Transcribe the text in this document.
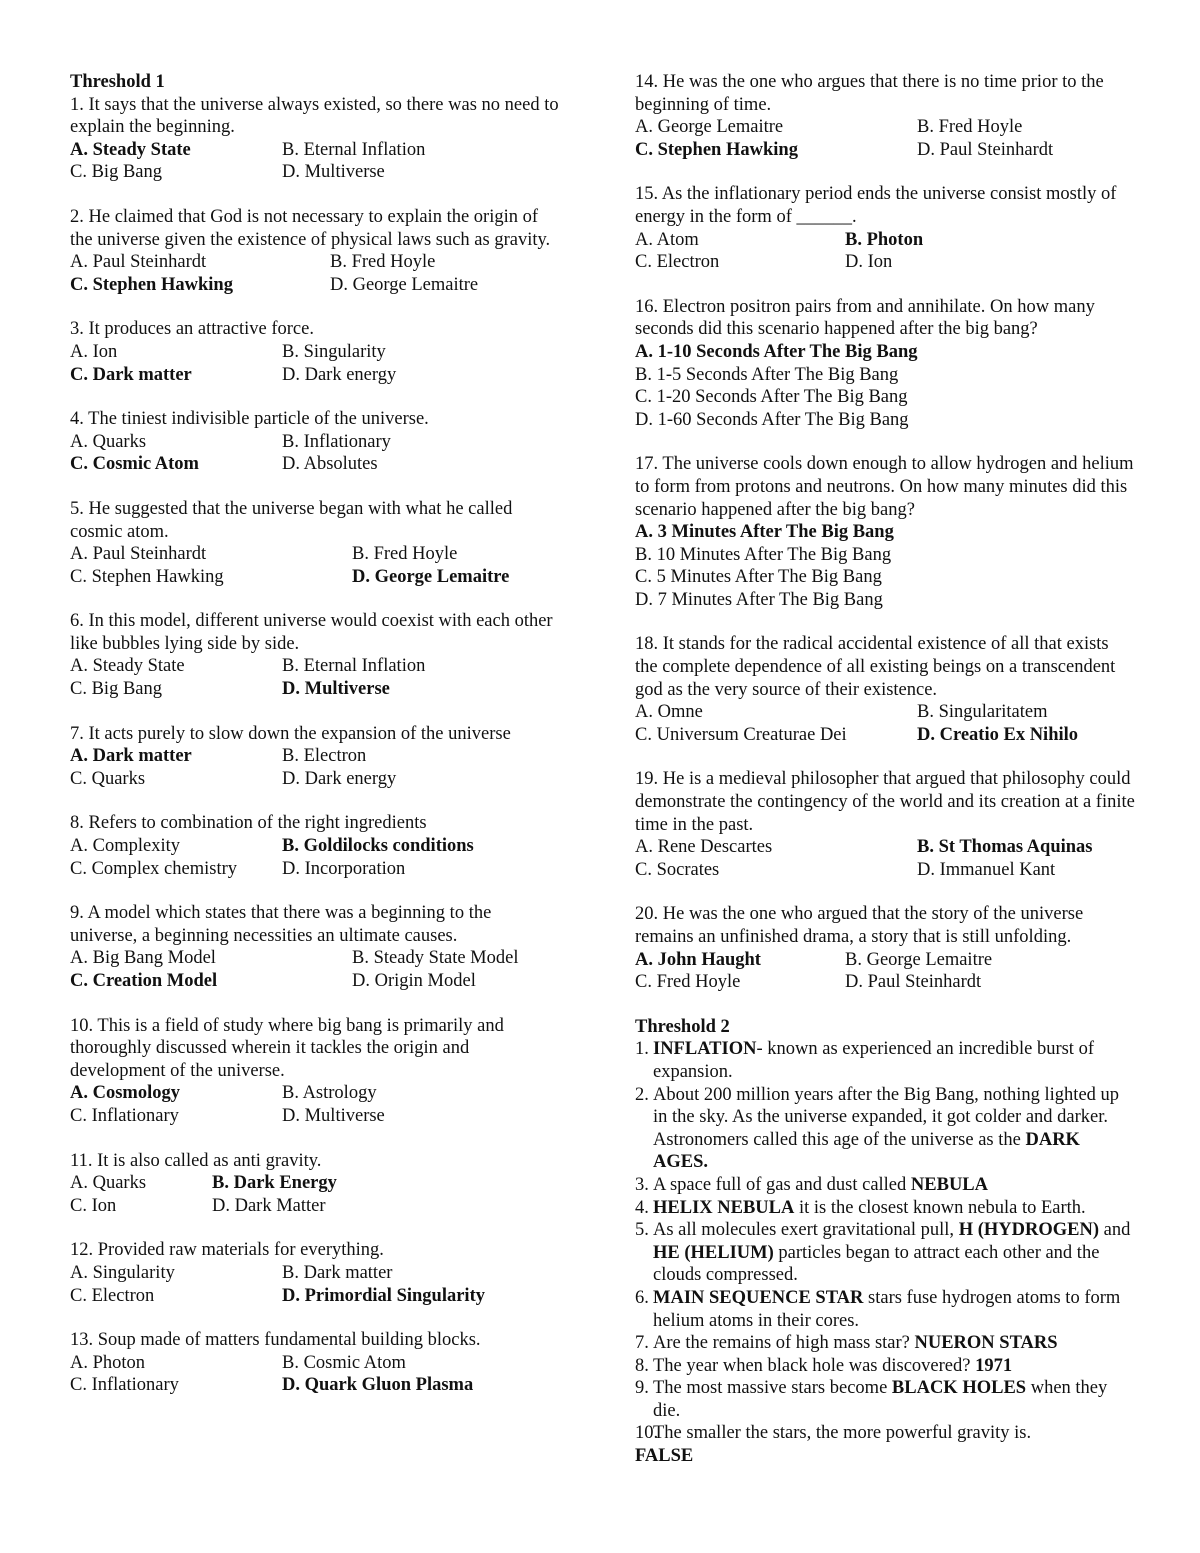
Threshold 1
1. It says that the universe always existed, so there was no need to explain the beginning.
A. Steady State	B. Eternal Inflation
C. Big Bang	D. Multiverse
2. He claimed that God is not necessary to explain the origin of the universe given the existence of physical laws such as gravity.
A. Paul Steinhardt	B. Fred Hoyle
C. Stephen Hawking	D. George Lemaitre
3. It produces an attractive force.
A. Ion	B. Singularity
C. Dark matter	D. Dark energy
4. The tiniest indivisible particle of the universe.
A. Quarks	B. Inflationary
C. Cosmic Atom	D. Absolutes
5. He suggested that the universe began with what he called cosmic atom.
A. Paul Steinhardt	B. Fred Hoyle
C. Stephen Hawking	D. George Lemaitre
6. In this model, different universe would coexist with each other like bubbles lying side by side.
A. Steady State	B. Eternal Inflation
C. Big Bang	D. Multiverse
7. It acts purely to slow down the expansion of the universe
A. Dark matter	B. Electron
C. Quarks	D. Dark energy
8. Refers to combination of the right ingredients
A. Complexity	B. Goldilocks conditions
C. Complex chemistry	D. Incorporation
9. A model which states that there was a beginning to the universe, a beginning necessities an ultimate causes.
A. Big Bang Model	B. Steady State Model
C. Creation Model	D. Origin Model
10. This is a field of study where big bang is primarily and thoroughly discussed wherein it tackles the origin and development of the universe.
A. Cosmology	B. Astrology
C. Inflationary	D. Multiverse
11. It is also called as anti gravity.
A. Quarks	B. Dark Energy
C. Ion	D. Dark Matter
12. Provided raw materials for everything.
A. Singularity	B. Dark matter
C. Electron	D. Primordial Singularity
13. Soup made of matters fundamental building blocks.
A. Photon	B. Cosmic Atom
C. Inflationary	D. Quark Gluon Plasma
14. He was the one who argues that there is no time prior to the beginning of time.
A. George Lemaitre	B. Fred Hoyle
C. Stephen Hawking	D. Paul Steinhardt
15. As the inflationary period ends the universe consist mostly of energy in the form of ______.
A. Atom	B. Photon
C. Electron	D. Ion
16. Electron positron pairs from and annihilate. On how many seconds did this scenario happened after the big bang?
A. 1-10 Seconds After The Big Bang
B. 1-5 Seconds After The Big Bang
C. 1-20 Seconds After The Big Bang
D. 1-60 Seconds After The Big Bang
17. The universe cools down enough to allow hydrogen and helium to form from protons and neutrons. On how many minutes did this scenario happened after the big bang?
A. 3 Minutes After The Big Bang
B. 10 Minutes After The Big Bang
C. 5 Minutes After The Big Bang
D. 7 Minutes After The Big Bang
18. It stands for the radical accidental existence of all that exists the complete dependence of all existing beings on a transcendent god as the very source of their existence.
A. Omne	B. Singularitatem
C. Universum Creaturae Dei	D. Creatio Ex Nihilo
19. He is a medieval philosopher that argued that philosophy could demonstrate the contingency of the world and its creation at a finite time in the past.
A. Rene Descartes	B. St Thomas Aquinas
C. Socrates	D. Immanuel Kant
20. He was the one who argued that the story of the universe remains an unfinished drama, a story that is still unfolding.
A. John Haught	B. George Lemaitre
C. Fred Hoyle	D. Paul Steinhardt
Threshold 2
1. INFLATION- known as experienced an incredible burst of expansion.
2. About 200 million years after the Big Bang, nothing lighted up in the sky. As the universe expanded, it got colder and darker. Astronomers called this age of the universe as the DARK AGES.
3. A space full of gas and dust called NEBULA
4. HELIX NEBULA it is the closest known nebula to Earth.
5. As all molecules exert gravitational pull, H (HYDROGEN) and HE (HELIUM) particles began to attract each other and the clouds compressed.
6. MAIN SEQUENCE STAR stars fuse hydrogen atoms to form helium atoms in their cores.
7. Are the remains of high mass star? NUERON STARS
8. The year when black hole was discovered? 1971
9. The most massive stars become BLACK HOLES when they die.
10.
The smaller the stars, the more powerful gravity is.
FALSE
